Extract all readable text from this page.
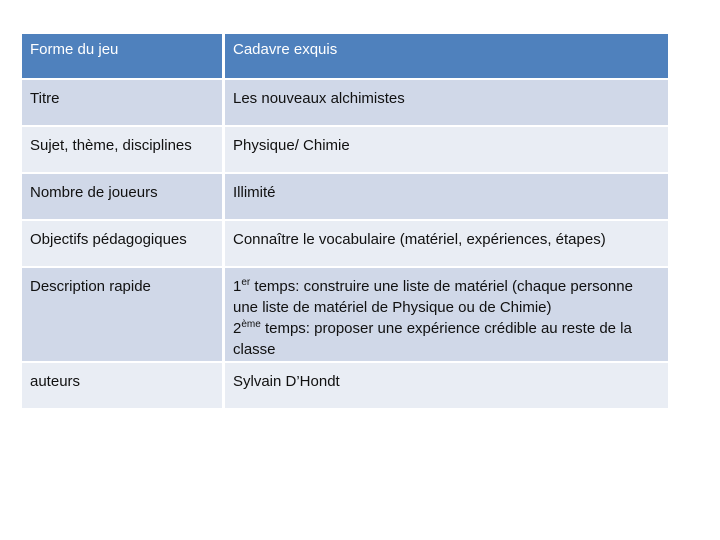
Forme du jeu	Cadavre exquis
Titre	Les nouveaux alchimistes
Sujet, thème, disciplines	Physique/ Chimie
Nombre de joueurs	Illimité
Objectifs pédagogiques	Connaître le vocabulaire (matériel, expériences, étapes)
Description rapide	1er temps: construire une liste de matériel (chaque personne une liste de matériel de Physique ou de Chimie)
2ème temps: proposer une expérience crédible au reste de la classe
auteurs	Sylvain D’Hondt
